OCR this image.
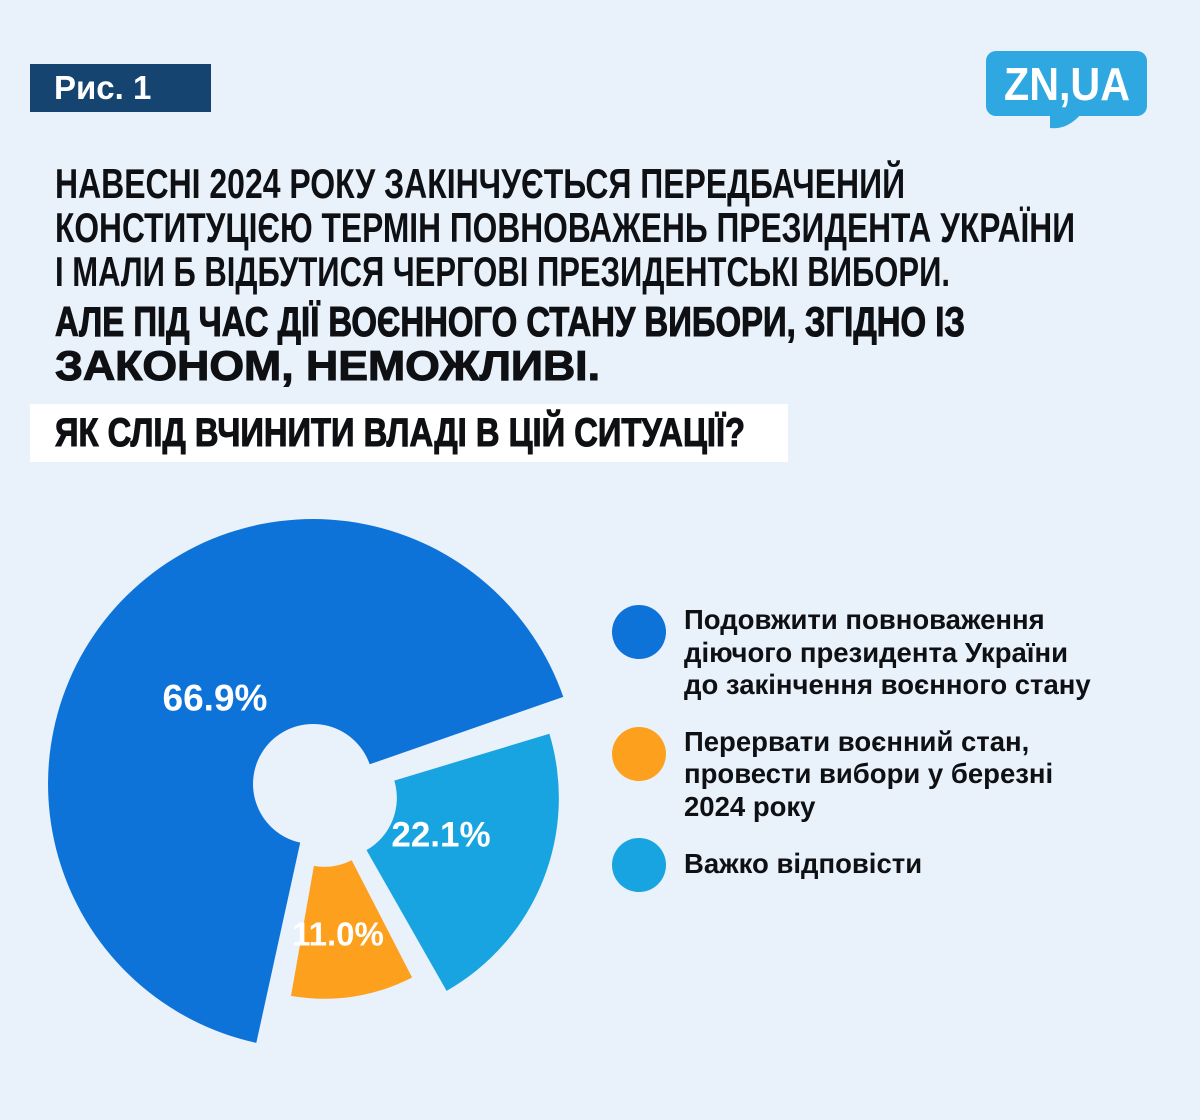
Рис. 1	ZN,UA
НАВЕСНІ 2024 РОКУ ЗАКІНЧУЄТЬСЯ ПЕРЕДБАЧЕНИЙ
КОНСТИТУЦІЄЮ ТЕРМІН ПОВНОВАЖЕНЬ ПРЕЗИДЕНТА УКРАЇНИ
І МАЛИ Б ВІДБУТИСЯ ЧЕРГОВІ ПРЕЗИДЕНТСЬКІ ВИБОРИ.
АЛЕ ПІД ЧАС ДІЇ ВОЄННОГО СТАНУ ВИБОРИ, ЗГІДНО ІЗ
ЗАКОНОМ, НЕМОЖЛИВІ.
ЯК СЛІД ВЧИНИТИ ВЛАДІ В ЦІЙ СИТУАЦІЇ?
66.9%
11.0%
22.1%
Подовжити повноваження
діючого президента України
до закінчення воєнного стану
Перервати воєнний стан,
провести вибори у березні
2024 року
Важко відповісти
